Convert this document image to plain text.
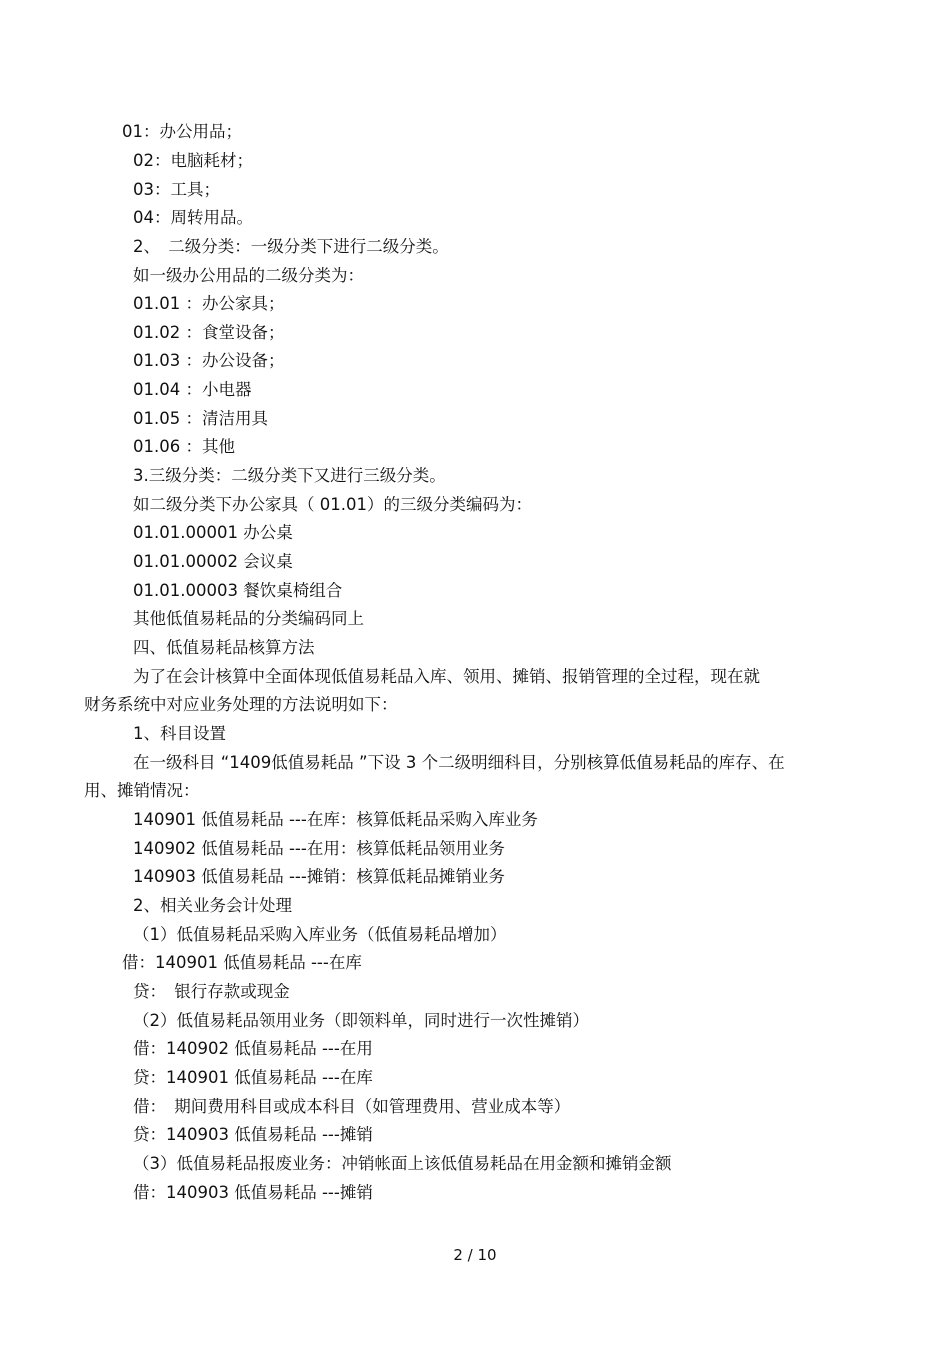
01：办公用品；
02：电脑耗材；
03：工具；
04：周转用品。
2、　二级分类：一级分类下进行二级分类。
如一级办公用品的二级分类为：
01.01 ：办公家具；
01.02 ：食堂设备；
01.03 ：办公设备；
01.04 ：小电器
01.05 ：清洁用具
01.06 ：其他
3.三级分类：二级分类下又进行三级分类。
如二级分类下办公家具（ 01.01）的三级分类编码为：
01.01.00001 办公桌
01.01.00002 会议桌
01.01.00003 餐饮桌椅组合
其他低值易耗品的分类编码同上
四、低值易耗品核算方法
为了在会计核算中全面体现低值易耗品入库、领用、摊销、报销管理的全过程，现在就
财务系统中对应业务处理的方法说明如下：
1、科目设置
在一级科目 “1409低值易耗品 ”下设 3 个二级明细科目，分别核算低值易耗品的库存、在
用、摊销情况：
140901 低值易耗品 ---在库：核算低耗品采购入库业务
140902 低值易耗品 ---在用：核算低耗品领用业务
140903 低值易耗品 ---摊销：核算低耗品摊销业务
2、相关业务会计处理
（1）低值易耗品采购入库业务（低值易耗品增加）
借：140901 低值易耗品 ---在库
贷：　银行存款或现金
（2）低值易耗品领用业务（即领料单，同时进行一次性摊销）
借：140902 低值易耗品 ---在用
贷：140901 低值易耗品 ---在库
借：　期间费用科目或成本科目（如管理费用、营业成本等）
贷：140903 低值易耗品 ---摊销
（3）低值易耗品报废业务：冲销帐面上该低值易耗品在用金额和摊销金额
借：140903 低值易耗品 ---摊销
2 / 10
